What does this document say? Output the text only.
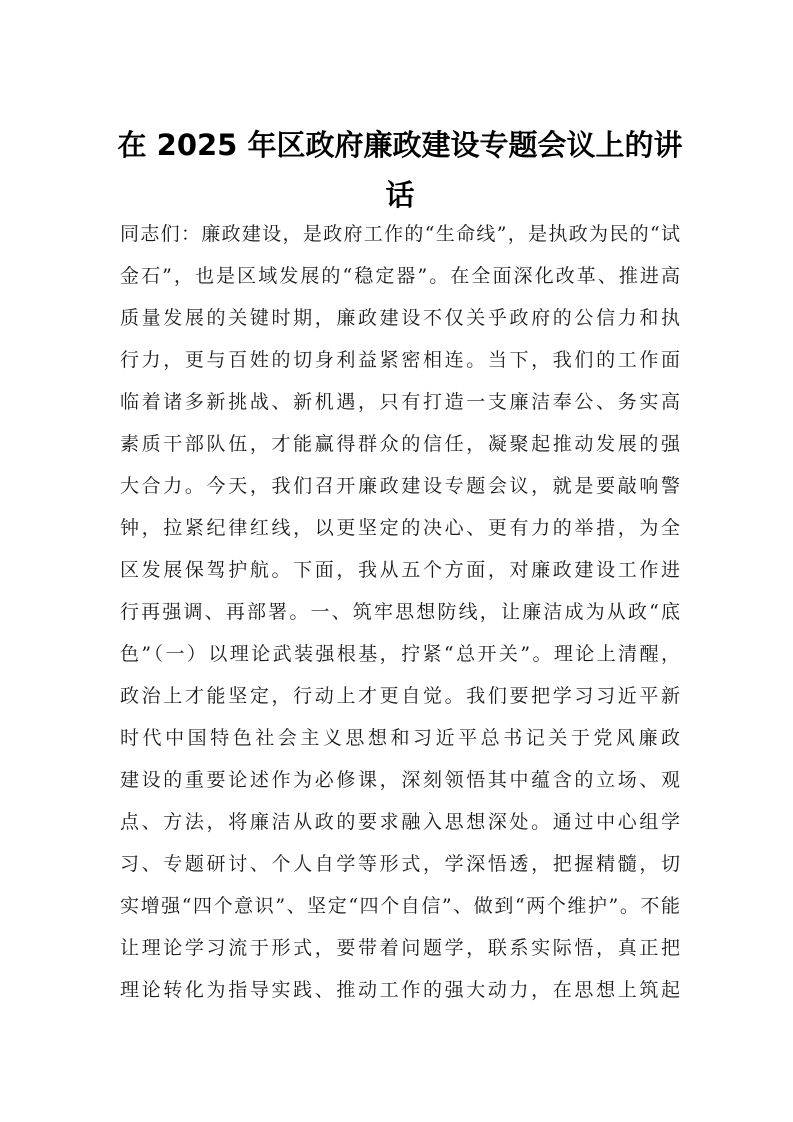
在 2025 年区政府廉政建设专题会议上的讲
话
同志们：廉政建设，是政府工作的“生命线”，是执政为民的“试
金石”，也是区域发展的“稳定器”。在全面深化改革、推进高
质量发展的关键时期，廉政建设不仅关乎政府的公信力和执
行力，更与百姓的切身利益紧密相连。当下，我们的工作面
临着诸多新挑战、新机遇，只有打造一支廉洁奉公、务实高
素质干部队伍，才能赢得群众的信任，凝聚起推动发展的强
大合力。今天，我们召开廉政建设专题会议，就是要敲响警
钟，拉紧纪律红线，以更坚定的决心、更有力的举措，为全
区发展保驾护航。下面，我从五个方面，对廉政建设工作进
行再强调、再部署。一、筑牢思想防线，让廉洁成为从政“底
色”（一）以理论武装强根基，拧紧“总开关”。理论上清醒，
政治上才能坚定，行动上才更自觉。我们要把学习习近平新
时代中国特色社会主义思想和习近平总书记关于党风廉政
建设的重要论述作为必修课，深刻领悟其中蕴含的立场、观
点、方法，将廉洁从政的要求融入思想深处。通过中心组学
习、专题研讨、个人自学等形式，学深悟透，把握精髓，切
实增强“四个意识”、坚定“四个自信”、做到“两个维护”。不能
让理论学习流于形式，要带着问题学，联系实际悟，真正把
理论转化为指导实践、推动工作的强大动力，在思想上筑起
